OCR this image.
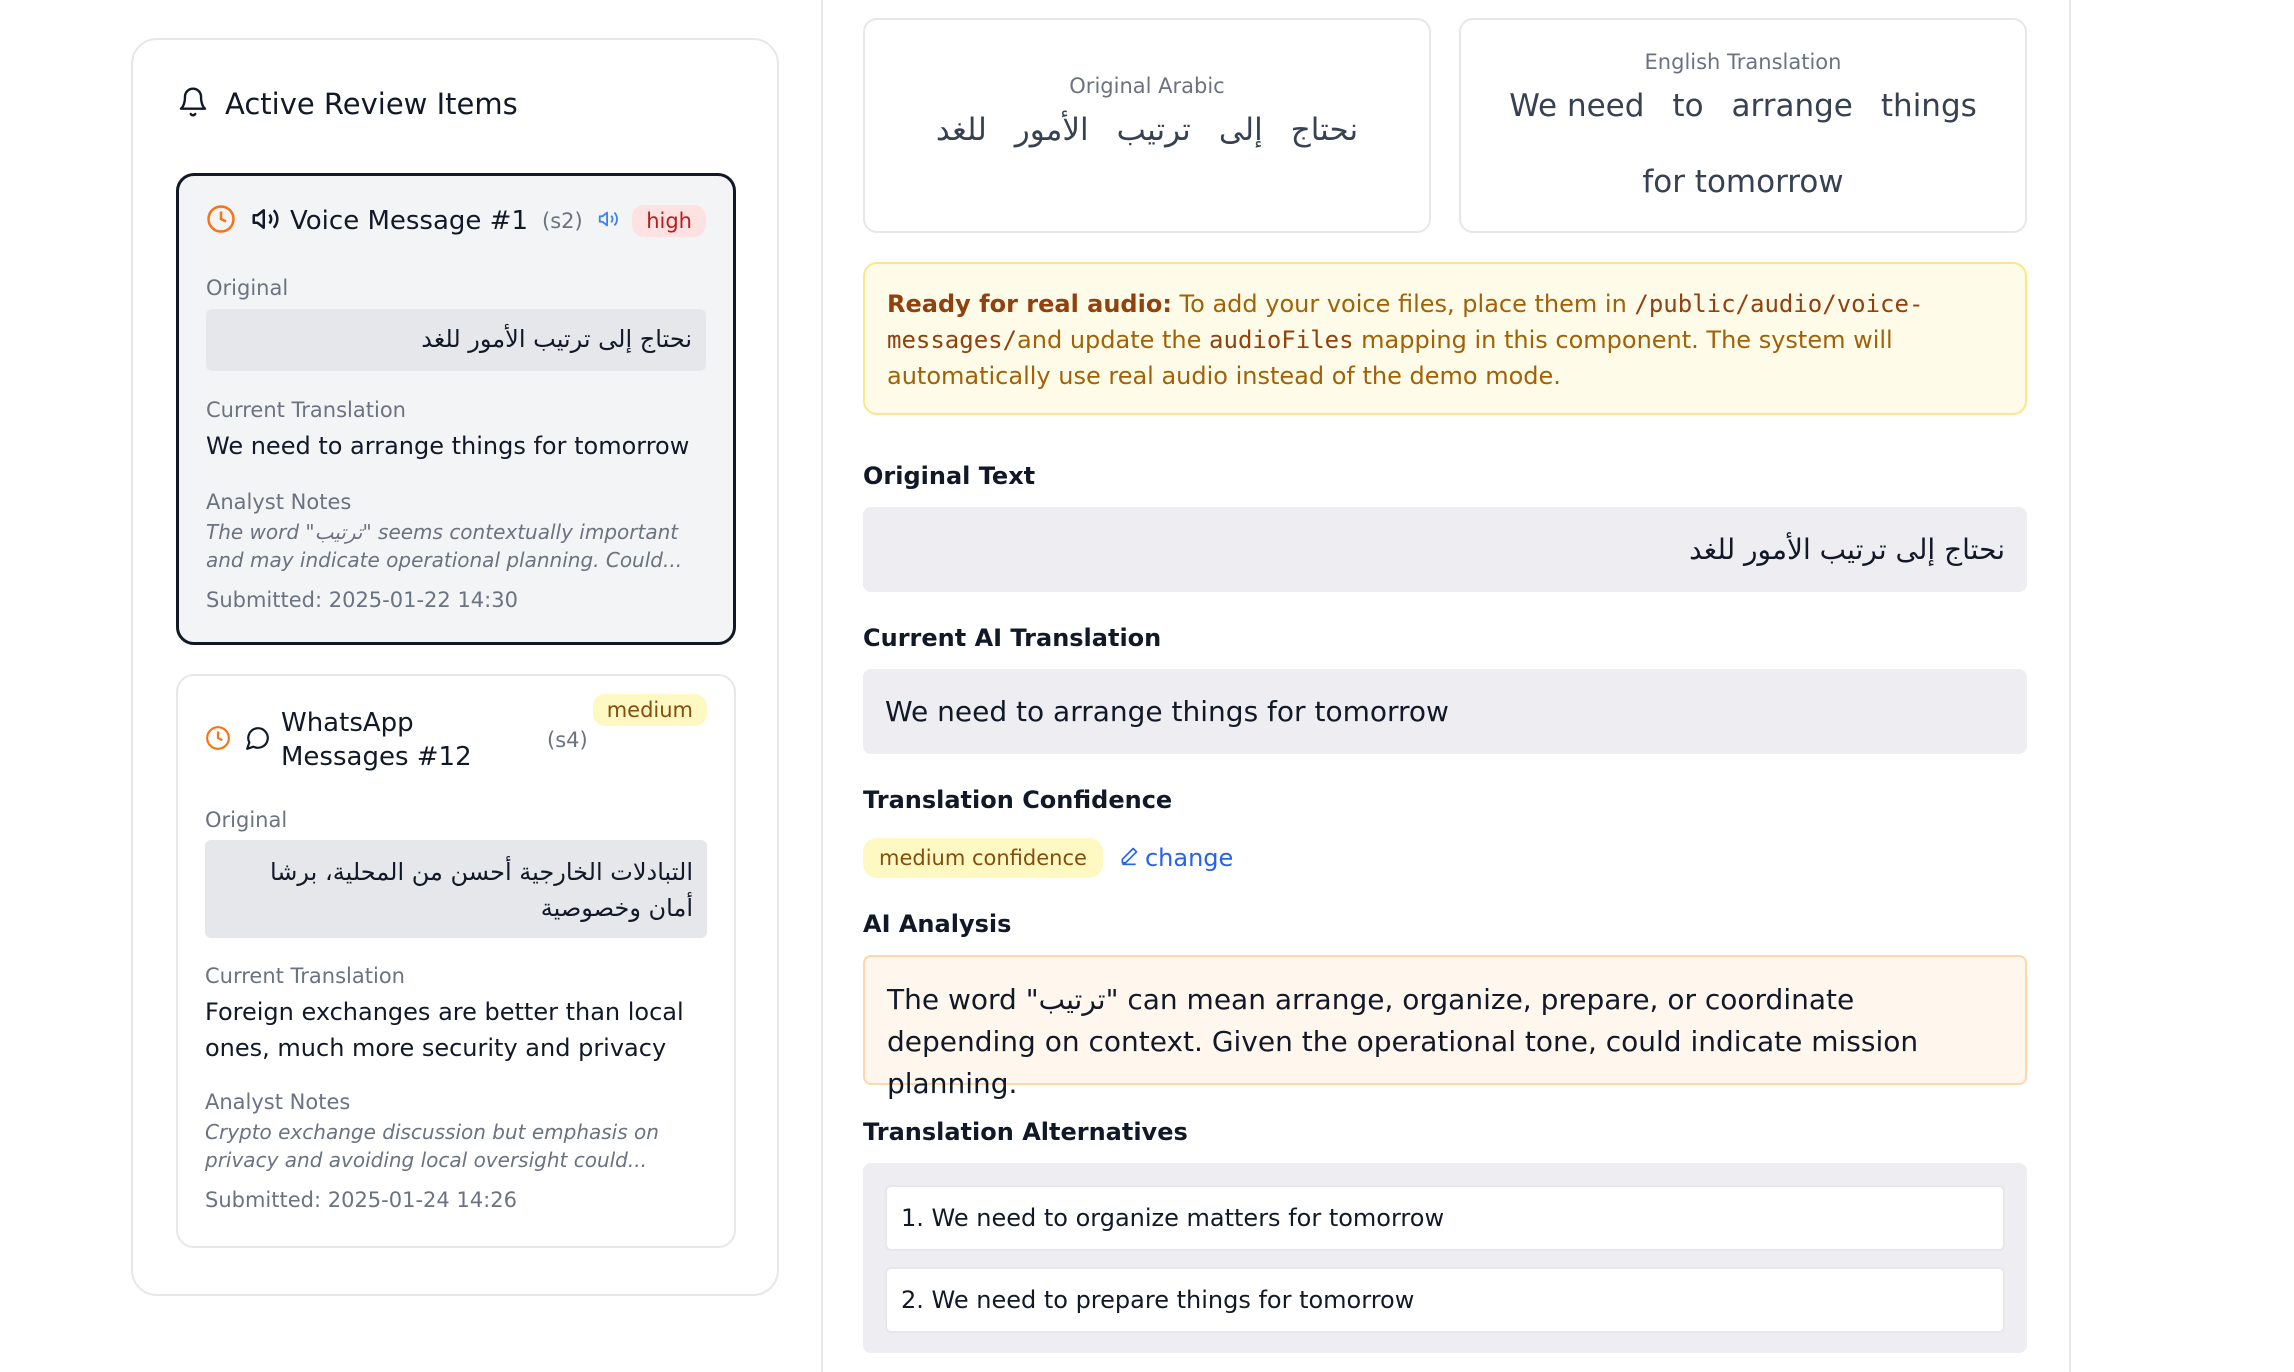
Active Review Items
Voice Message #1 (s2)	high
Original
نحتاج إلى ترتيب الأمور للغد
Current Translation
We need to arrange things for tomorrow
Analyst Notes
The word "ترتيب" seems contextually important and may indicate operational planning. Could...
Submitted: 2025-01-22 14:30
WhatsApp Messages #12
(s4)
medium
Original
التبادلات الخارجية أحسن من المحلية، برشا أمان وخصوصية
Current Translation
Foreign exchanges are better than local ones, much more security and privacy
Analyst Notes
Crypto exchange discussion but emphasis on privacy and avoiding local oversight could...
Submitted: 2025-01-24 14:26
Original Arabic
نحتاج
إلى
ترتيب
الأمور
للغد
English Translation
We need to arrange things
for tomorrow
Ready for real audio: To add your voice files, place them in /public/audio/voice-messages/and update the audioFiles mapping in this component. The system will automatically use real audio instead of the demo mode.
Original Text
نحتاج إلى ترتيب الأمور للغد
Current AI Translation
We need to arrange things for tomorrow
Translation Confidence
medium confidence	change
AI Analysis
The word "ترتيب" can mean arrange, organize, prepare, or coordinate depending on context. Given the operational tone, could indicate mission planning.
Translation Alternatives
1. We need to organize matters for tomorrow
2. We need to prepare things for tomorrow
